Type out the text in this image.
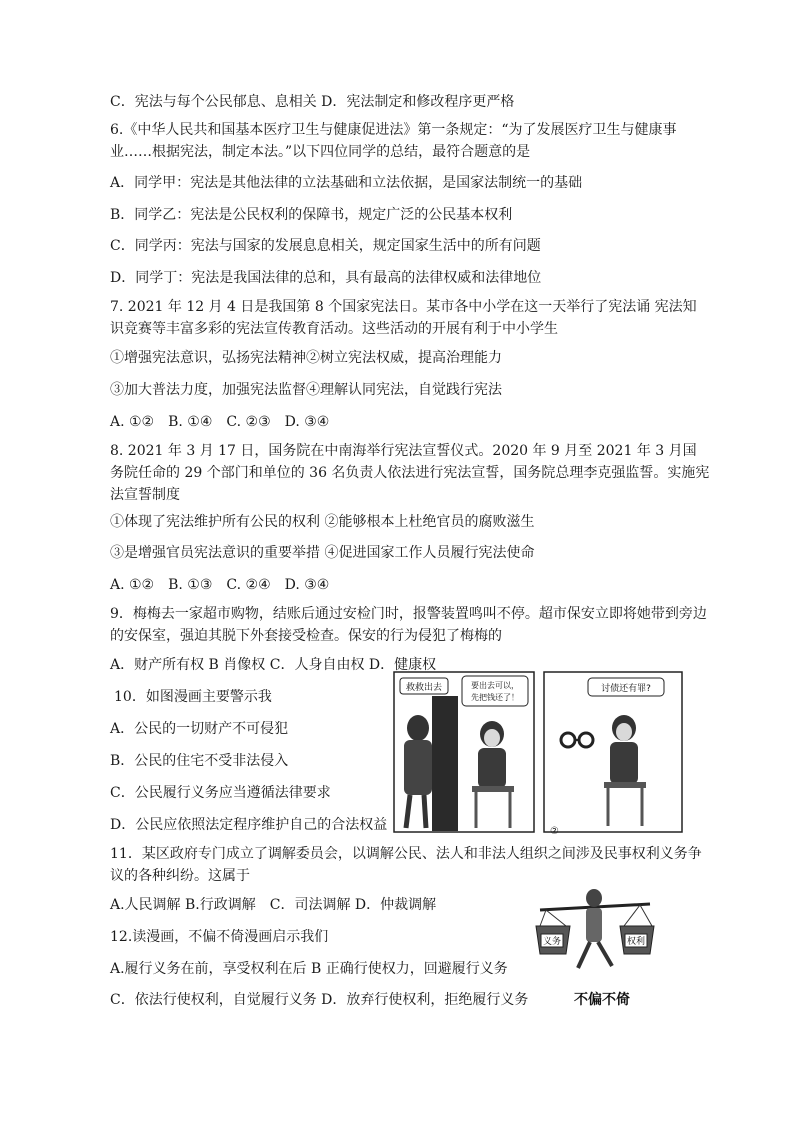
C．宪法与每个公民郁息、息相关 D．宪法制定和修改程序更严格
6.《中华人民共和国基本医疗卫生与健康促进法》第一条规定：“为了发展医疗卫生与健康事业……根据宪法，制定本法。”以下四位同学的总结，最符合题意的是
A．同学甲：宪法是其他法律的立法基础和立法依据，是国家法制统一的基础
B．同学乙：宪法是公民权利的保障书，规定广泛的公民基本权利
C．同学丙：宪法与国家的发展息息相关，规定国家生活中的所有问题
D．同学丁：宪法是我国法律的总和，具有最高的法律权威和法律地位
7. 2021 年 12 月 4 日是我国第 8 个国家宪法日。某市各中小学在这一天举行了宪法诵 宪法知识竞赛等丰富多彩的宪法宣传教育活动。这些活动的开展有利于中小学生
①增强宪法意识，弘扬宪法精神②树立宪法权威，提高治理能力
③加大普法力度，加强宪法监督④理解认同宪法，自觉践行宪法
A. ①②　B. ①④　C. ②③　D. ③④
8. 2021 年 3 月 17 日，国务院在中南海举行宪法宣誓仪式。2020 年 9 月至 2021 年 3 月国务院任命的 29 个部门和单位的 36 名负责人依法进行宪法宣誓，国务院总理李克强监誓。实施宪法宣誓制度
①体现了宪法维护所有公民的权利 ②能够根本上杜绝官员的腐败滋生
③是增强官员宪法意识的重要举措 ④促进国家工作人员履行宪法使命
A. ①②　B. ①③　C. ②④　D. ③④
9．梅梅去一家超市购物，结账后通过安检门时，报警装置鸣叫不停。超市保安立即将她带到旁边的安保室，强迫其脱下外套接受检查。保安的行为侵犯了梅梅的
A．财产所有权 B 肖像权 C．人身自由权 D．健康权
10．如图漫画主要警示我
A．公民的一切财产不可侵犯
B．公民的住宅不受非法侵入
C．公民履行义务应当遵循法律要求
D．公民应依照法定程序维护自己的合法权益
救救出去	要出去可以，
先把钱还了！
讨债还有罪?
②
11．某区政府专门成立了调解委员会，以调解公民、法人和非法人组织之间涉及民事权利义务争议的各种纠纷。这属于
A.人民调解 B.行政调解　C．司法调解 D．仲裁调解
12.读漫画，不偏不倚漫画启示我们
A.履行义务在前，享受权利在后 B 正确行使权力，回避履行义务
C．依法行使权利，自觉履行义务 D．放弃行使权利，拒绝履行义务
义务	权利
不偏不倚
